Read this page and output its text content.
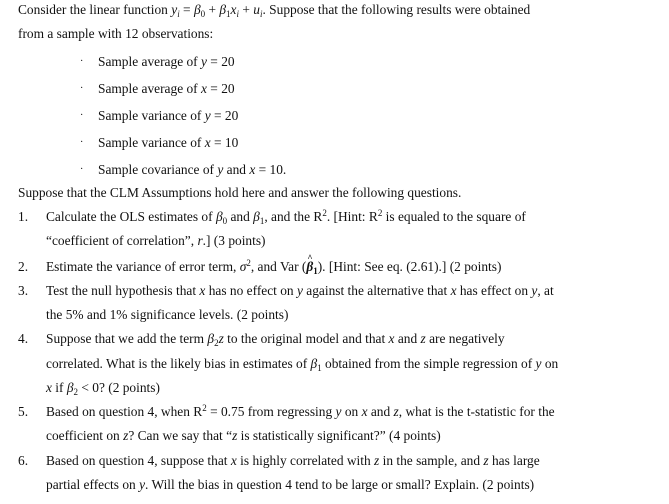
Consider the linear function $y_i = \beta_0 + \beta_1x_i + u_i$. Suppose that the following results were obtained
from a sample with 12 observations:
· Sample average of y = 20
· Sample average of x = 20
· Sample variance of y = 20
· Sample variance of x = 10
· Sample covariance of y and x = 10.
Suppose that the CLM Assumptions hold here and answer the following questions.
1. Calculate the OLS estimates of $\beta_0$ and $\beta_1$, and the $R^2$. [Hint: $R^2$ is equaled to the square of
“coefficient of correlation”, r.] (3 points)
2. Estimate the variance of error term, $\sigma^2$, and Var (^ $\beta_1$). [Hint: See eq. (2.61).] (2 points)
3. Test the null hypothesis that x has no effect on y against the alternative that x has effect on y, at
the 5% and 1% significance levels. (2 points)
4. Suppose that we add the term $\beta_2z$ to the original model and that x and z are negatively
correlated. What is the likely bias in estimates of $\beta_1$ obtained from the simple regression of y on
x if $\beta_2 < 0$? (2 points)
5. Based on question 4, when $R^2 = 0.75$ from regressing y on x and z, what is the t-statistic for the
coefficient on z? Can we say that “z is statistically significant?” (4 points)
6. Based on question 4, suppose that x is highly correlated with z in the sample, and z has large
partial effects on y. Will the bias in question 4 tend to be large or small? Explain. (2 points)
